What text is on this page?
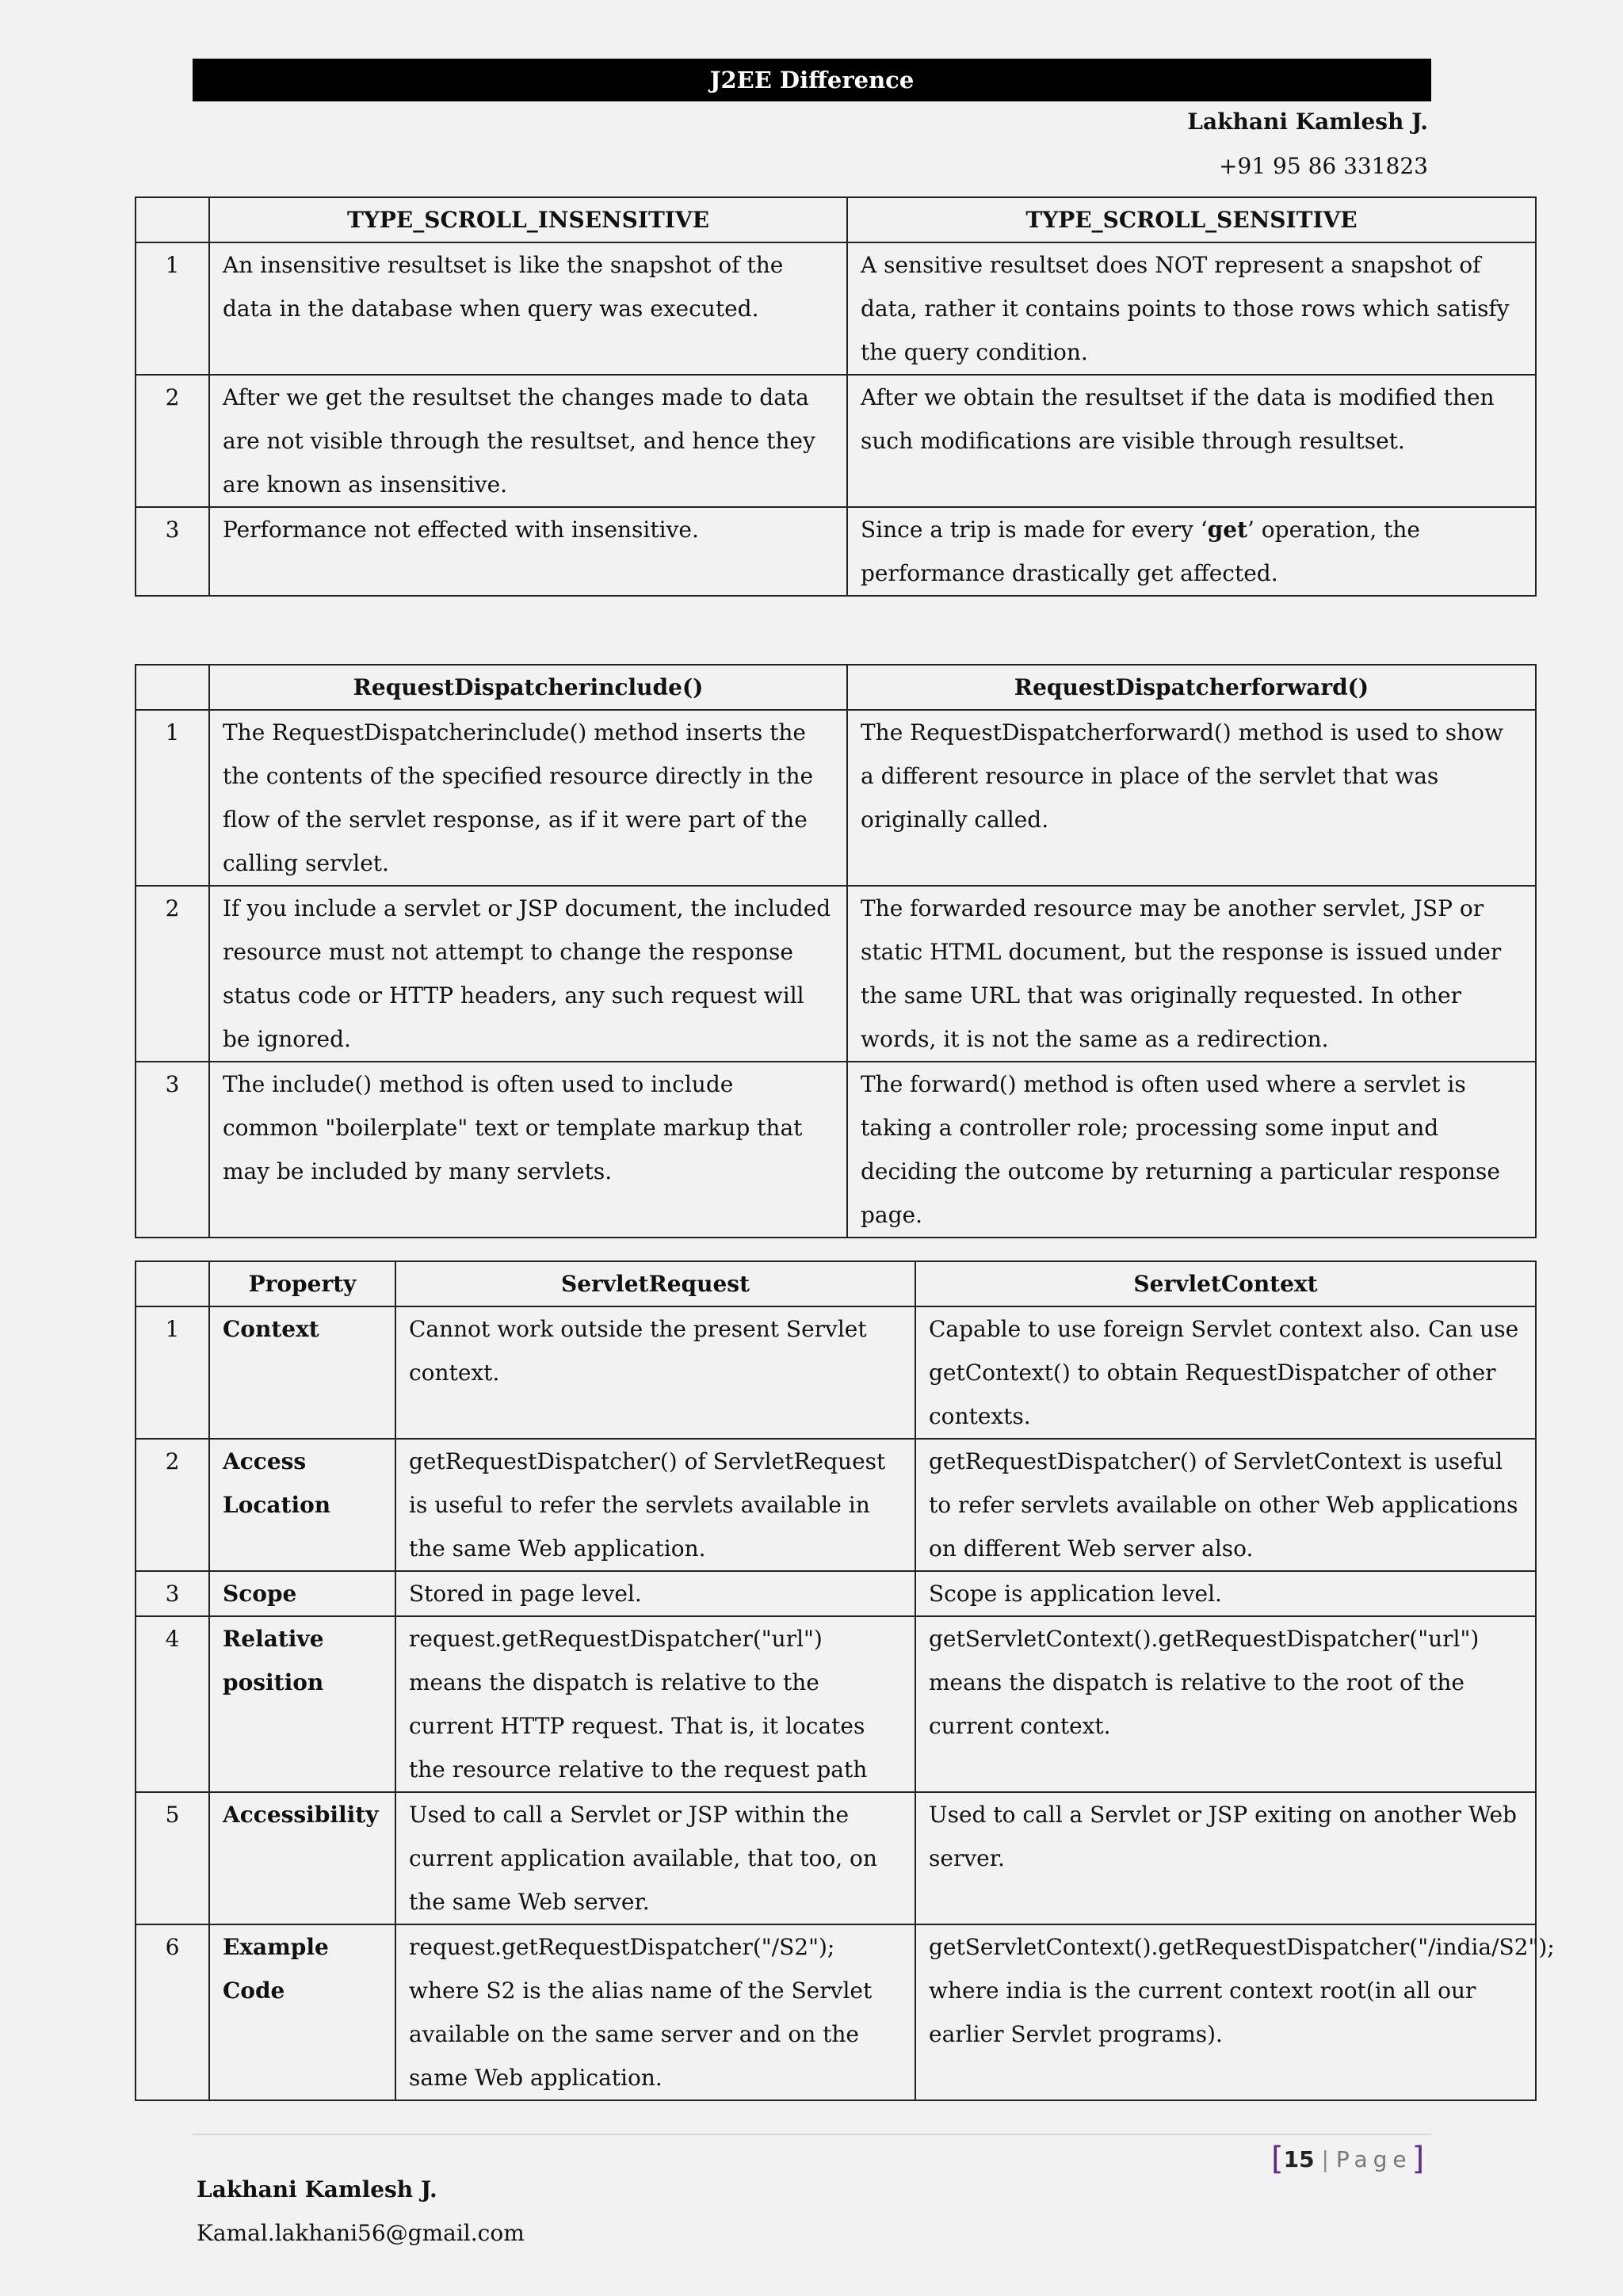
J2EE Difference
Lakhani Kamlesh J.
+91 95 86 331823
	TYPE_SCROLL_INSENSITIVE	TYPE_SCROLL_SENSITIVE
1	An insensitive resultset is like the snapshot of the data in the database when query was executed.	A sensitive resultset does NOT represent a snapshot of data, rather it contains points to those rows which satisfy the query condition.
2	After we get the resultset the changes made to data are not visible through the resultset, and hence they are known as insensitive.	After we obtain the resultset if the data is modified then such modifications are visible through resultset.
3	Performance not effected with insensitive.	Since a trip is made for every ‘get’ operation, the performance drastically get affected.
	RequestDispatcherinclude()	RequestDispatcherforward()
1	The RequestDispatcherinclude() method inserts the the contents of the specified resource directly in the flow of the servlet response, as if it were part of the calling servlet.	The RequestDispatcherforward() method is used to show a different resource in place of the servlet that was originally called.
2	If you include a servlet or JSP document, the included resource must not attempt to change the response status code or HTTP headers, any such request will be ignored.	The forwarded resource may be another servlet, JSP or static HTML document, but the response is issued under the same URL that was originally requested. In other words, it is not the same as a redirection.
3	The include() method is often used to include common "boilerplate" text or template markup that may be included by many servlets.	The forward() method is often used where a servlet is taking a controller role; processing some input and deciding the outcome by returning a particular response page.
	Property	ServletRequest	ServletContext
1	Context	Cannot work outside the present Servlet context.	Capable to use foreign Servlet context also. Can use getContext() to obtain RequestDispatcher of other contexts.
2	Access Location	getRequestDispatcher() of ServletRequest is useful to refer the servlets available in the same Web application.	getRequestDispatcher() of ServletContext is useful to refer servlets available on other Web applications on different Web server also.
3	Scope	Stored in page level.	Scope is application level.
4	Relative position	request.getRequestDispatcher("url") means the dispatch is relative to the current HTTP request. That is, it locates the resource relative to the request path	getServletContext().getRequestDispatcher("url") means the dispatch is relative to the root of the current context.
5	Accessibility	Used to call a Servlet or JSP within the current application available, that too, on the same Web server.	Used to call a Servlet or JSP exiting on another Web server.
6	Example Code	request.getRequestDispatcher("/S2"); where S2 is the alias name of the Servlet available on the same server and on the same Web application.	getServletContext().getRequestDispatcher("/india/S2"); where india is the current context root(in all our earlier Servlet programs).
[15 | Page]
Lakhani Kamlesh J.
Kamal.lakhani56@gmail.com
